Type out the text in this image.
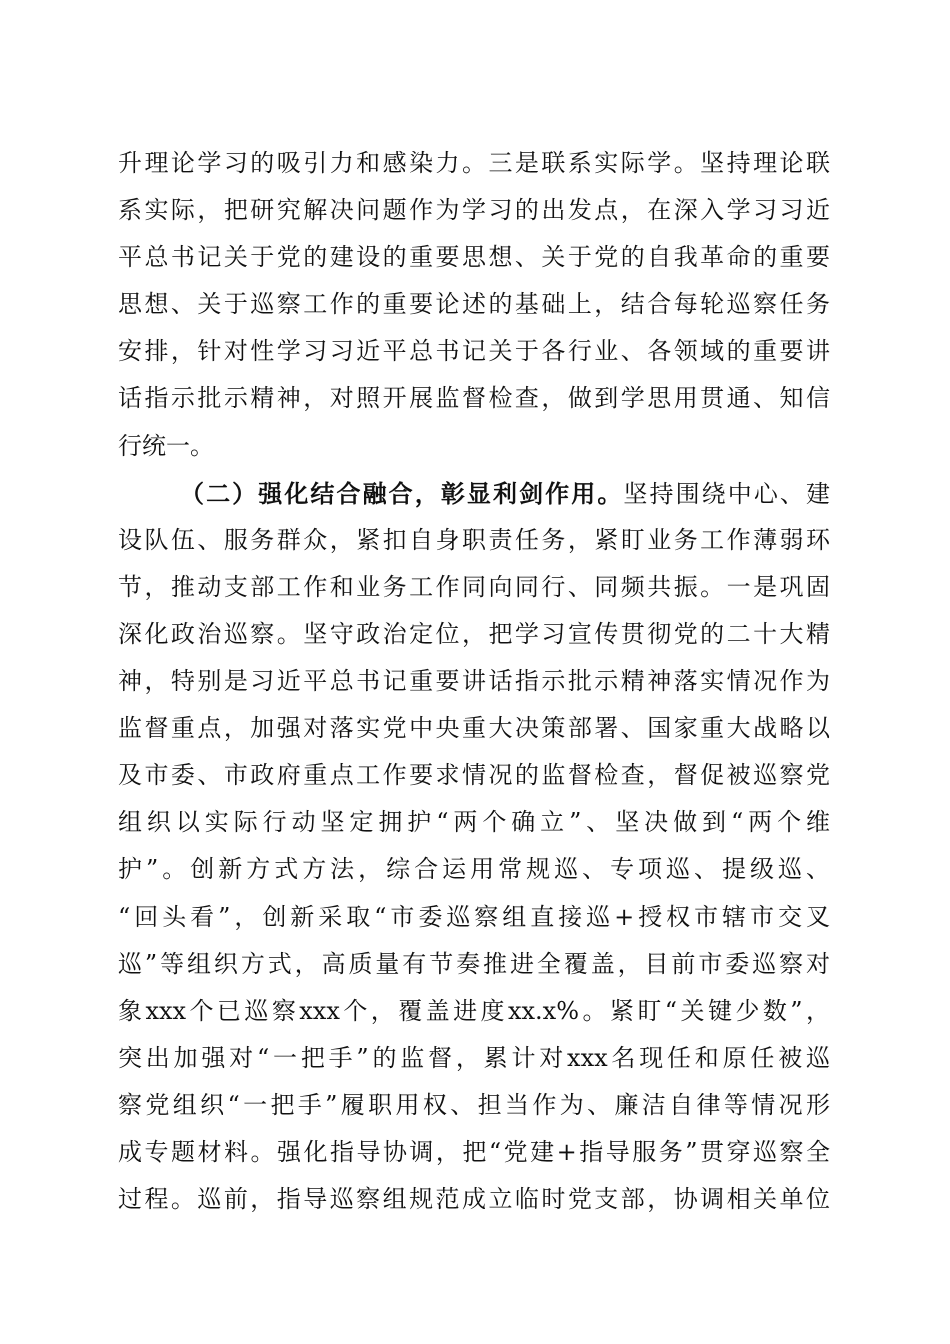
升理论学习的吸引力和感染力。三是联系实际学。坚持理论联
系实际，把研究解决问题作为学习的出发点，在深入学习习近
平总书记关于党的建设的重要思想、关于党的自我革命的重要
思想、关于巡察工作的重要论述的基础上，结合每轮巡察任务
安排，针对性学习习近平总书记关于各行业、各领域的重要讲
话指示批示精神，对照开展监督检查，做到学思用贯通、知信
行统一。
（二）强化结合融合，彰显利剑作用。坚持围绕中心、建
设队伍、服务群众，紧扣自身职责任务，紧盯业务工作薄弱环
节，推动支部工作和业务工作同向同行、同频共振。一是巩固
深化政治巡察。坚守政治定位，把学习宣传贯彻党的二十大精
神，特别是习近平总书记重要讲话指示批示精神落实情况作为
监督重点，加强对落实党中央重大决策部署、国家重大战略以
及市委、市政府重点工作要求情况的监督检查，督促被巡察党
组织以实际行动坚定拥护“两个确立”、坚决做到“两个维
护”。创新方式方法，综合运用常规巡、专项巡、提级巡、
“回头看”，创新采取“市委巡察组直接巡+授权市辖市交叉
巡”等组织方式，高质量有节奏推进全覆盖，目前市委巡察对
象xxx个已巡察xxx个，覆盖进度xx.x%。紧盯“关键少数”，
突出加强对“一把手”的监督，累计对xxx名现任和原任被巡
察党组织“一把手”履职用权、担当作为、廉洁自律等情况形
成专题材料。强化指导协调，把“党建+指导服务”贯穿巡察全
过程。巡前，指导巡察组规范成立临时党支部，协调相关单位
